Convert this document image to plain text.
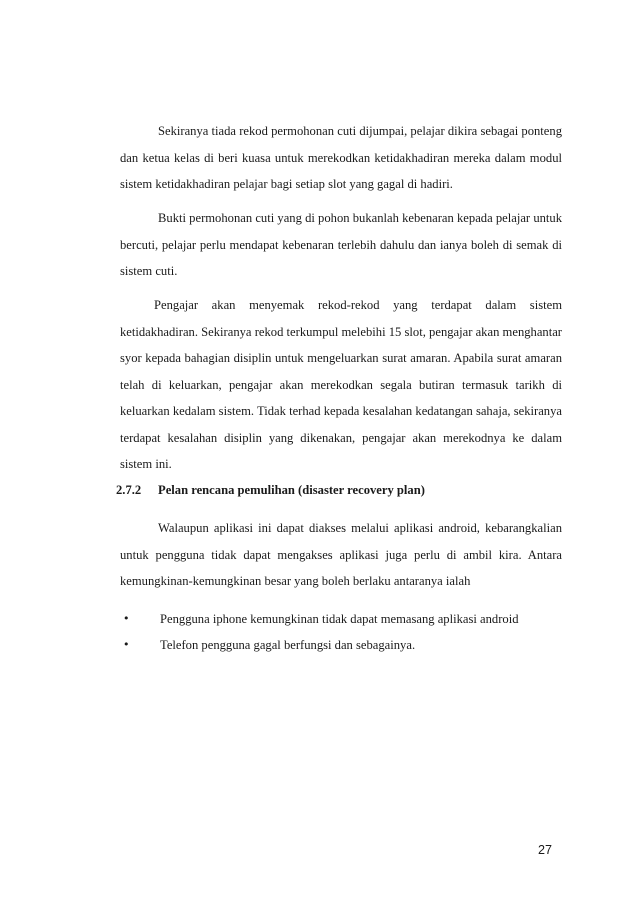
Sekiranya tiada rekod permohonan cuti dijumpai, pelajar dikira sebagai ponteng dan ketua kelas di beri kuasa untuk merekodkan ketidakhadiran mereka dalam modul sistem ketidakhadiran pelajar bagi setiap slot yang gagal di hadiri.

Bukti permohonan cuti yang di pohon bukanlah kebenaran kepada pelajar untuk bercuti, pelajar perlu mendapat kebenaran terlebih dahulu dan ianya boleh di semak di sistem cuti.

Pengajar akan menyemak rekod-rekod yang terdapat dalam sistem ketidakhadiran. Sekiranya rekod terkumpul melebihi 15 slot, pengajar akan menghantar syor kepada bahagian disiplin untuk mengeluarkan surat amaran. Apabila surat amaran telah di keluarkan, pengajar akan merekodkan segala butiran termasuk tarikh di keluarkan kedalam sistem. Tidak terhad kepada kesalahan kedatangan sahaja, sekiranya terdapat kesalahan disiplin yang dikenakan, pengajar akan merekodnya ke dalam sistem ini.

2.7.2 Pelan rencana pemulihan (disaster recovery plan)

Walaupun aplikasi ini dapat diakses melalui aplikasi android, kebarangkalian untuk pengguna tidak dapat mengakses aplikasi juga perlu di ambil kira. Antara kemungkinan-kemungkinan besar yang boleh berlaku antaranya ialah

• Pengguna iphone kemungkinan tidak dapat memasang aplikasi android
• Telefon pengguna gagal berfungsi dan sebagainya.
27
